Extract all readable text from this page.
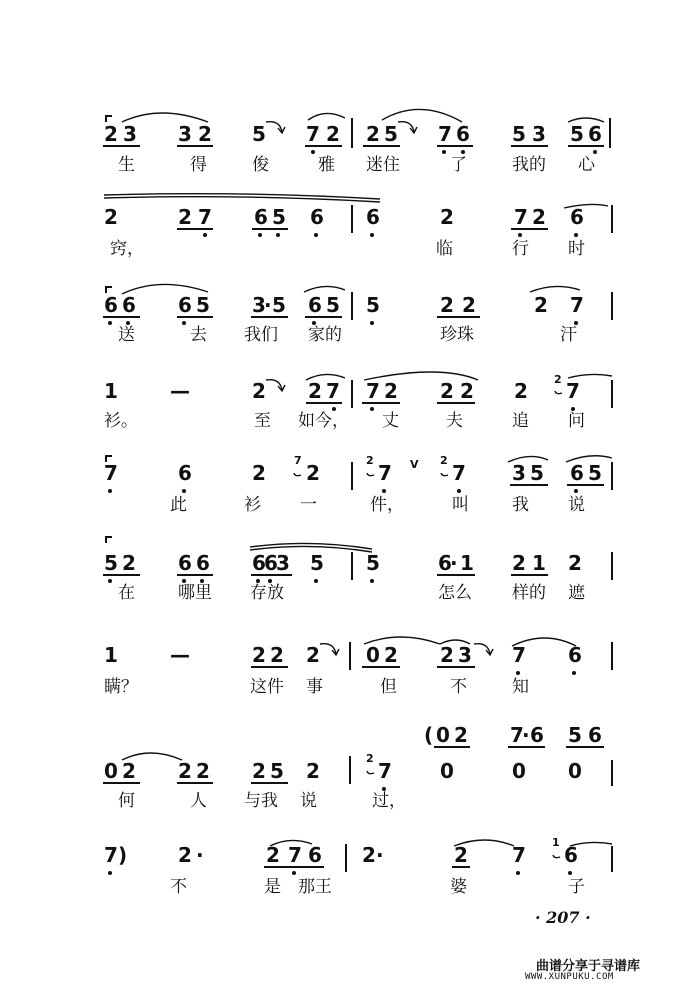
2 3 3 2 5 7 2 2 5 7 6 5 3 5 6
生	得	俊	雅 迷住	了	我的 心
2	2 7 6 5 6 6	2	7 2 6
窍，	临	行 时
6 6 6 5 3
· 5 6 5 5	2 2	2 7
送	去 我们 家的	珍珠	汗
1	—	2 2 7 7 2 2 2 2 2 7
衫。	至 如今， 丈	夫	追 问
7	6	2
7
2
2
7 V 2
7 3 5 6 5
此	衫 一	件，	叫	我 说
5 2 6 6 6
6
3 5 5	6
· 1 2 1 2
在	哪里 存放	怎么 样的 遮
1	—	2 2 2 0 2 2 3 7 6
瞒？	这件 事	但	不	知
( 0 2 7
· 6 5 6
0 2 2 2 2 5 2
2
7 0	0 0
何	人 与我 说	过，
7 )	2 ·	2 7 6 2 ·	2 7
1
6
不	是 那王	婆	子
· 207 ·
曲谱分享于寻谱库
WWW.XUNPUKU.COM
